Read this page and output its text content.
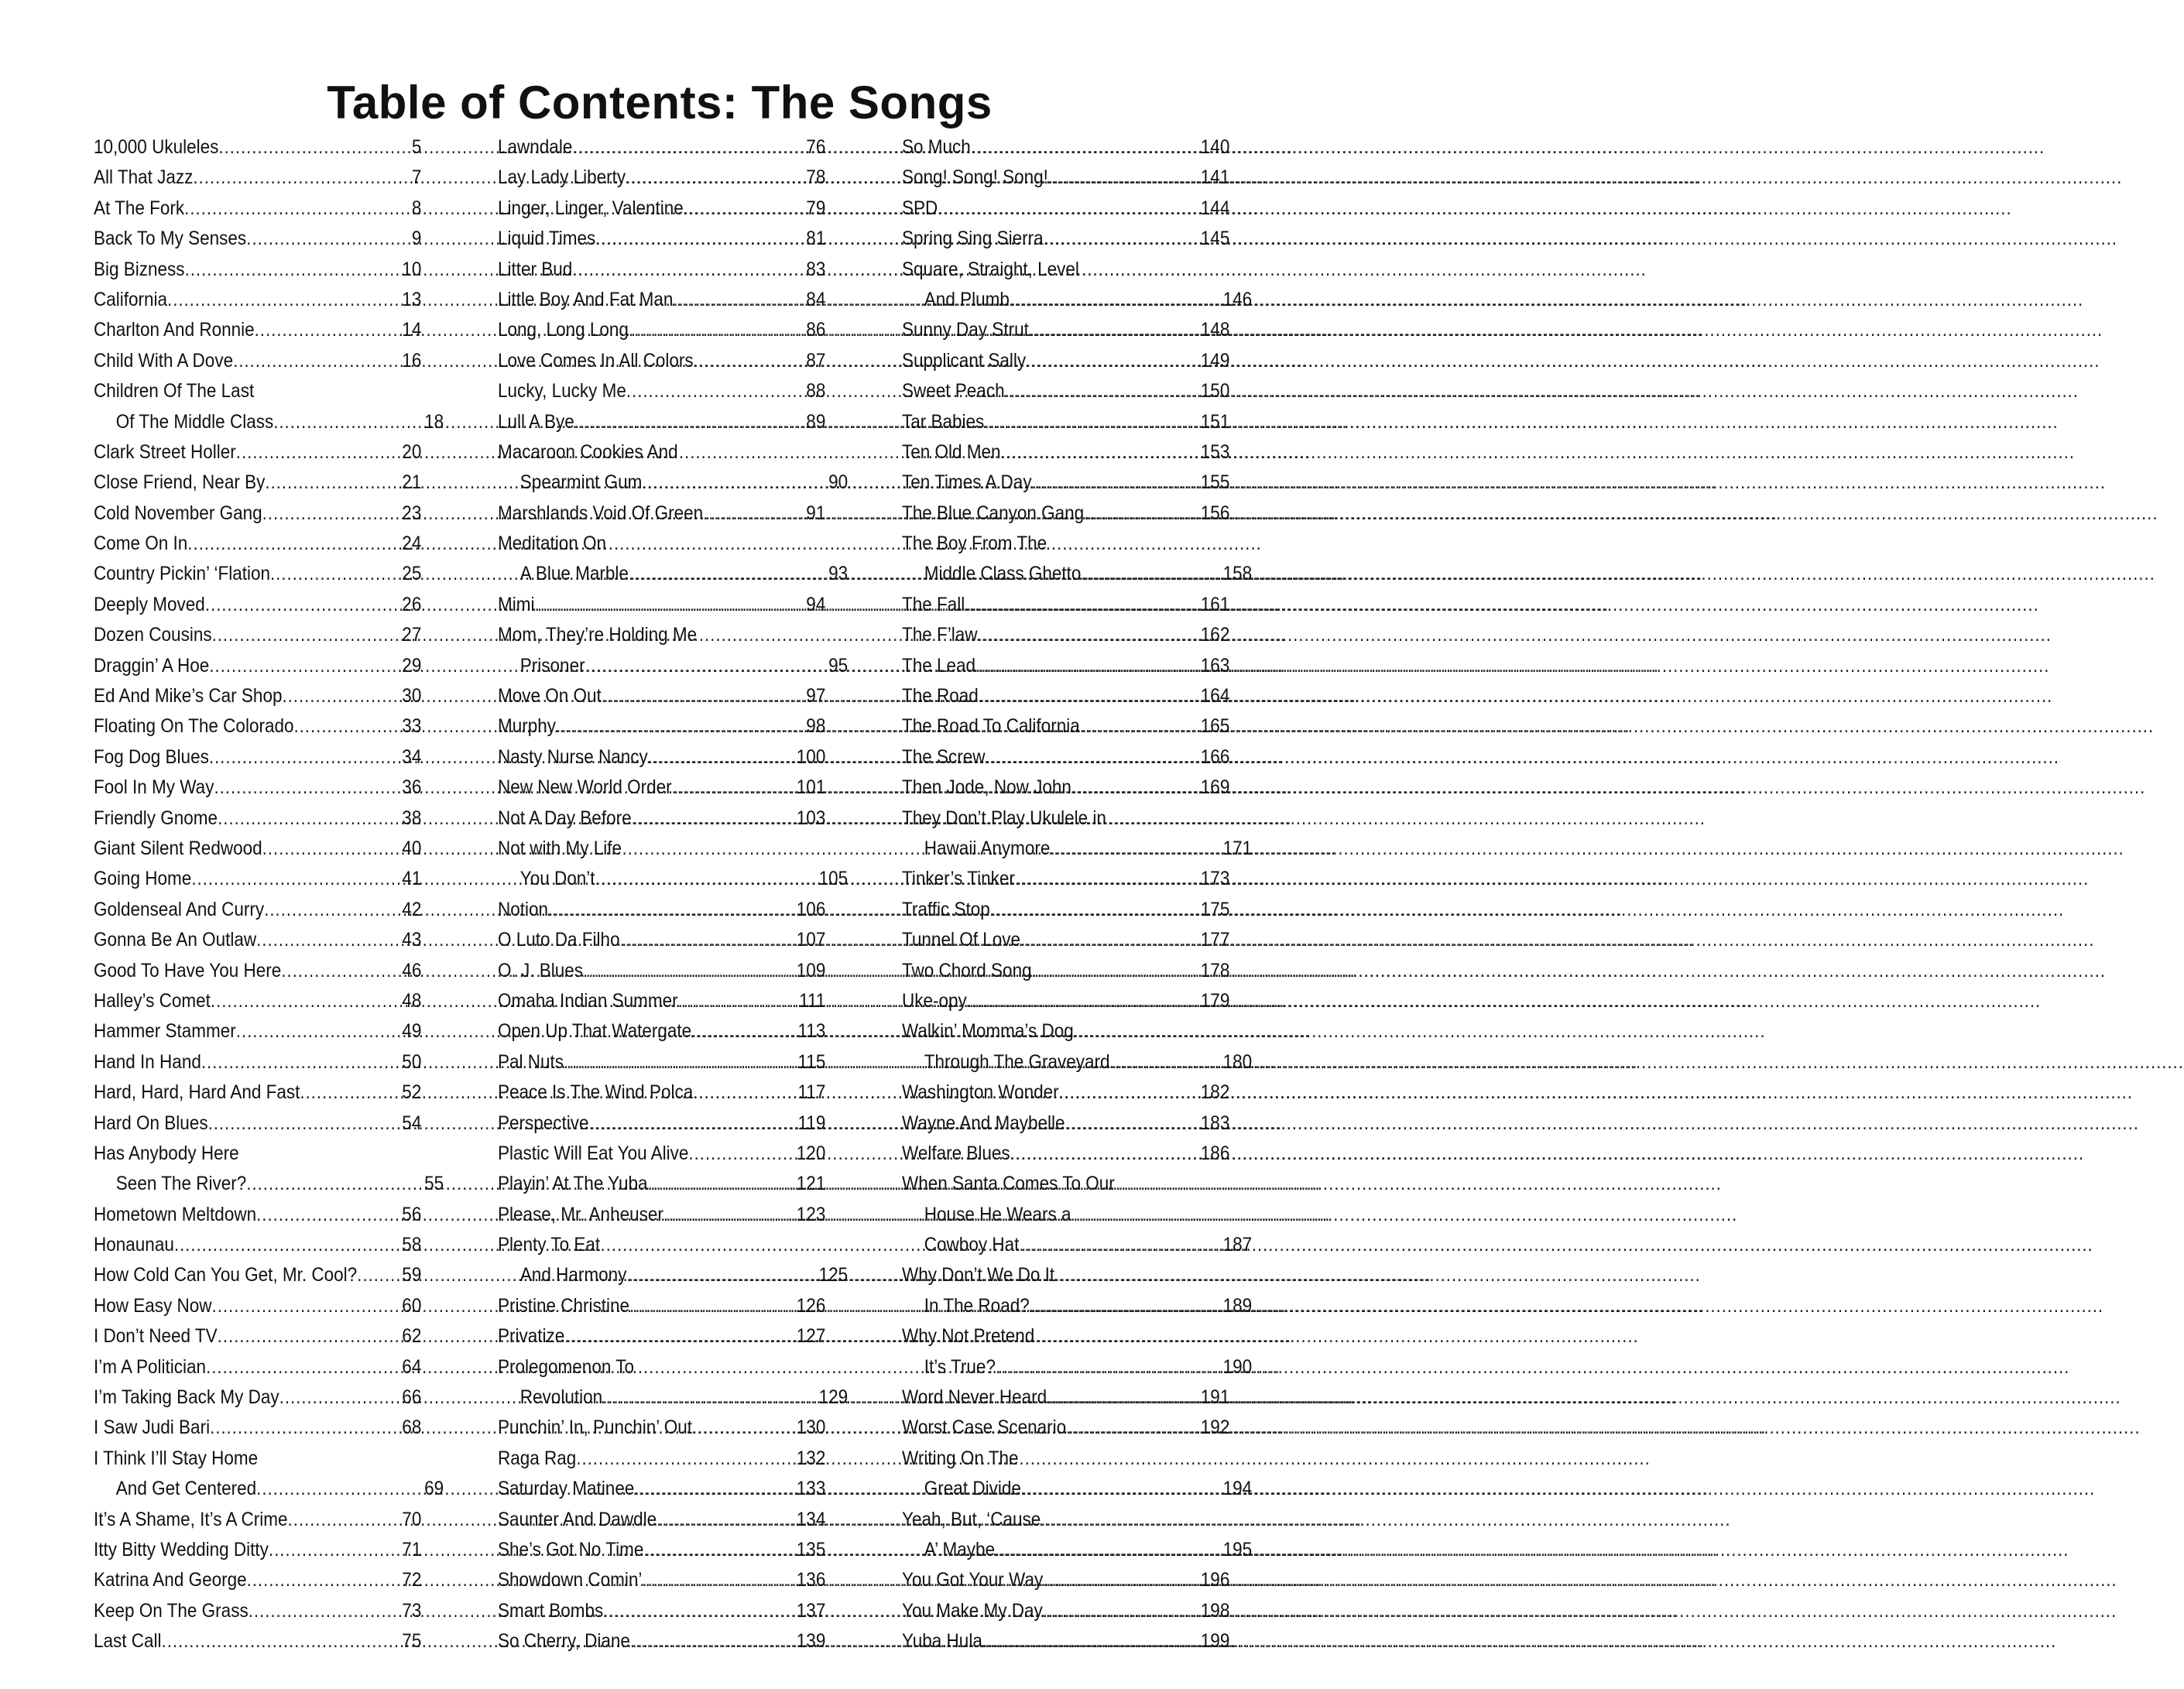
Table of Contents: The Songs
10,000 Ukuleles .....	5
All That Jazz .....	7
At The Fork .....	8
Back To My Senses .....	9
Big Bizness .....	10
California .....	13
Charlton And Ronnie .....	14
Child With A Dove .....	16
Children Of The Last
Of The Middle Class .....	18
Clark Street Holler .....	20
Close Friend, Near By .....	21
Cold November Gang .....	23
Come On In .....	24
Country Pickin’ ‘Flation .....	25
Deeply Moved .....	26
Dozen Cousins .....	27
Draggin’ A Hoe .....	29
Ed And Mike’s Car Shop .....	30
Floating On The Colorado .....	33
Fog Dog Blues .....	34
Fool In My Way .....	36
Friendly Gnome .....	38
Giant Silent Redwood .....	40
Going Home .....	41
Goldenseal And Curry .....	42
Gonna Be An Outlaw .....	43
Good To Have You Here .....	46
Halley’s Comet .....	48
Hammer Stammer .....	49
Hand In Hand .....	50
Hard, Hard, Hard And Fast .....	52
Hard On Blues .....	54
Has Anybody Here
Seen The River? .....	55
Hometown Meltdown .....	56
Honaunau .....	58
How Cold Can You Get, Mr. Cool? ..... 59
How Easy Now .....	60
I Don’t Need TV .....	62
I’m A Politician .....	64
I’m Taking Back My Day .....	66
I Saw Judi Bari .....	68
I Think I’ll Stay Home
And Get Centered .....	69
It’s A Shame, It’s A Crime .....	70
Itty Bitty Wedding Ditty .....	71
Katrina And George .....	72
Keep On The Grass .....	73
Last Call .....	75
Lawndale .....	76
Lay Lady Liberty .....	78
Linger, Linger, Valentine .....	79
Liquid Times .....	81
Litter Bud .....	83
Little Boy And Fat Man .....	84
Long, Long Long .....	86
Love Comes In All Colors .....	87
Lucky, Lucky Me .....	88
Lull A Bye .....	89
Macaroon Cookies And
Spearmint Gum .....	90
Marshlands Void Of Green .....	91
Meditation On
A Blue Marble .....	93
Mimi .....	94
Mom, They’re Holding Me
Prisoner .....	95
Move On Out .....	97
Murphy .....	98
Nasty Nurse Nancy .....	100
New New World Order .....	101
Not A Day Before .....	103
Not with My Life
You Don’t .....	105
Notion .....	106
O Luto Da Filho .....	107
O. J. Blues .....	109
Omaha Indian Summer .....	111
Open Up That Watergate .....	113
Pal Nuts .....	115
Peace Is The Wind Polca .....	117
Perspective .....	119
Plastic Will Eat You Alive .....	120
Playin’ At The Yuba .....	121
Please, Mr. Anheuser .....	123
Plenty To Eat
And Harmony .....	125
Pristine Christine .....	126
Privatize .....	127
Prolegomenon To
Revolution .....	129
Punchin’ In, Punchin’ Out .....	130
Raga Rag .....	132
Saturday Matinee .....	133
Saunter And Dawdle .....	134
She’s Got No Time .....	135
Showdown Comin’ .....	136
Smart Bombs .....	137
So Cherry, Diane .....	139
So Much .....	140
Song! Song! Song! .....	141
SPD .....	144
Spring Sing Sierra .....	145
Square, Straight, Level
And Plumb .....	146
Sunny Day Strut .....	148
Supplicant Sally .....	149
Sweet Peach .....	150
Tar Babies .....	151
Ten Old Men .....	153
Ten Times A Day .....	155
The Blue Canyon Gang .....	156
The Boy From The
Middle Class Ghetto .....	158
The Fall .....	161
The F’law .....	162
The Lead .....	163
The Road .....	164
The Road To California .....	165
The Screw .....	166
Then Jode, Now John .....	169
They Don’t Play Ukulele in
Hawaii Anymore .....	171
Tinker’s Tinker .....	173
Traffic Stop .....	175
Tunnel Of Love .....	177
Two Chord Song .....	178
Uke-opy .....	179
Walkin’ Momma’s Dog
Through The Graveyard .....	180
Washington Wonder .....	182
Wayne And Maybelle .....	183
Welfare Blues .....	186
When Santa Comes To Our
House He Wears a
Cowboy Hat .....	187
Why Don’t We Do It
In The Road? .....	189
Why Not Pretend
It’s True? .....	190
Word Never Heard .....	191
Worst Case Scenario .....	192
Writing On The
Great Divide .....	194
Yeah, But, ‘Cause
A’ Maybe .....	195
You Got Your Way .....	196
You Make My Day .....	198
Yuba Hula .....	199
